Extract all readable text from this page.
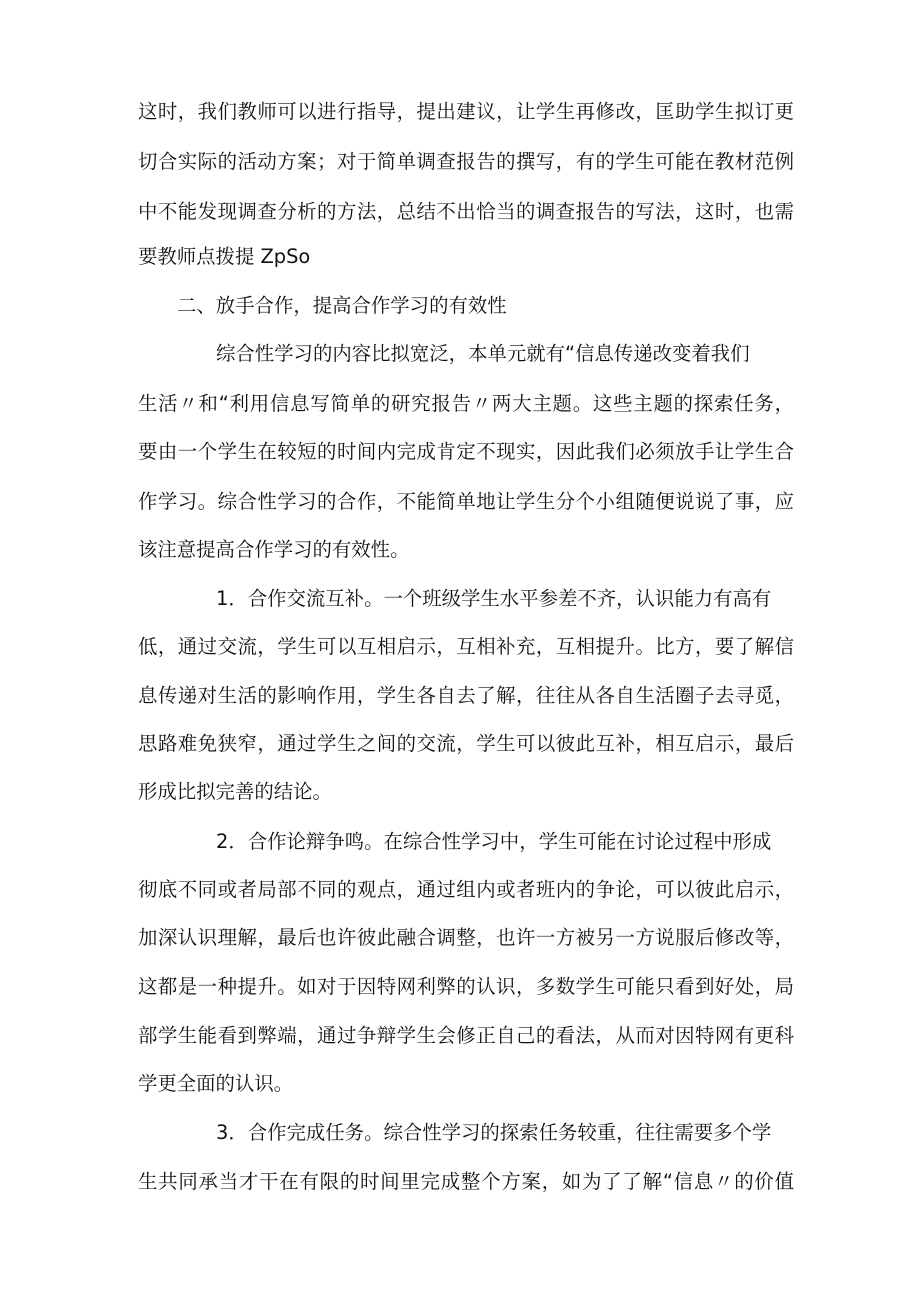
这时，我们教师可以进行指导，提出建议，让学生再修改，匡助学生拟订更
切合实际的活动方案；对于简单调查报告的撰写，有的学生可能在教材范例
中不能发现调查分析的方法，总结不出恰当的调查报告的写法，这时，也需
要教师点拨提 ZpSo
二、放手合作，提高合作学习的有效性
综合性学习的内容比拟宽泛，本单元就有“信息传递改变着我们
生活〃和“利用信息写简单的研究报告〃两大主题。这些主题的探索任务，
要由一个学生在较短的时间内完成肯定不现实，因此我们必须放手让学生合
作学习。综合性学习的合作，不能简单地让学生分个小组随便说说了事，应
该注意提高合作学习的有效性。
1．合作交流互补。一个班级学生水平参差不齐，认识能力有高有
低，通过交流，学生可以互相启示，互相补充，互相提升。比方，要了解信
息传递对生活的影响作用，学生各自去了解，往往从各自生活圈子去寻觅，
思路难免狭窄，通过学生之间的交流，学生可以彼此互补，相互启示，最后
形成比拟完善的结论。
2．合作论辩争鸣。在综合性学习中，学生可能在讨论过程中形成
彻底不同或者局部不同的观点，通过组内或者班内的争论，可以彼此启示，
加深认识理解，最后也许彼此融合调整，也许一方被另一方说服后修改等，
这都是一种提升。如对于因特网利弊的认识，多数学生可能只看到好处，局
部学生能看到弊端，通过争辩学生会修正自己的看法，从而对因特网有更科
学更全面的认识。
3．合作完成任务。综合性学习的探索任务较重，往往需要多个学
生共同承当才干在有限的时间里完成整个方案，如为了了解“信息〃的价值
